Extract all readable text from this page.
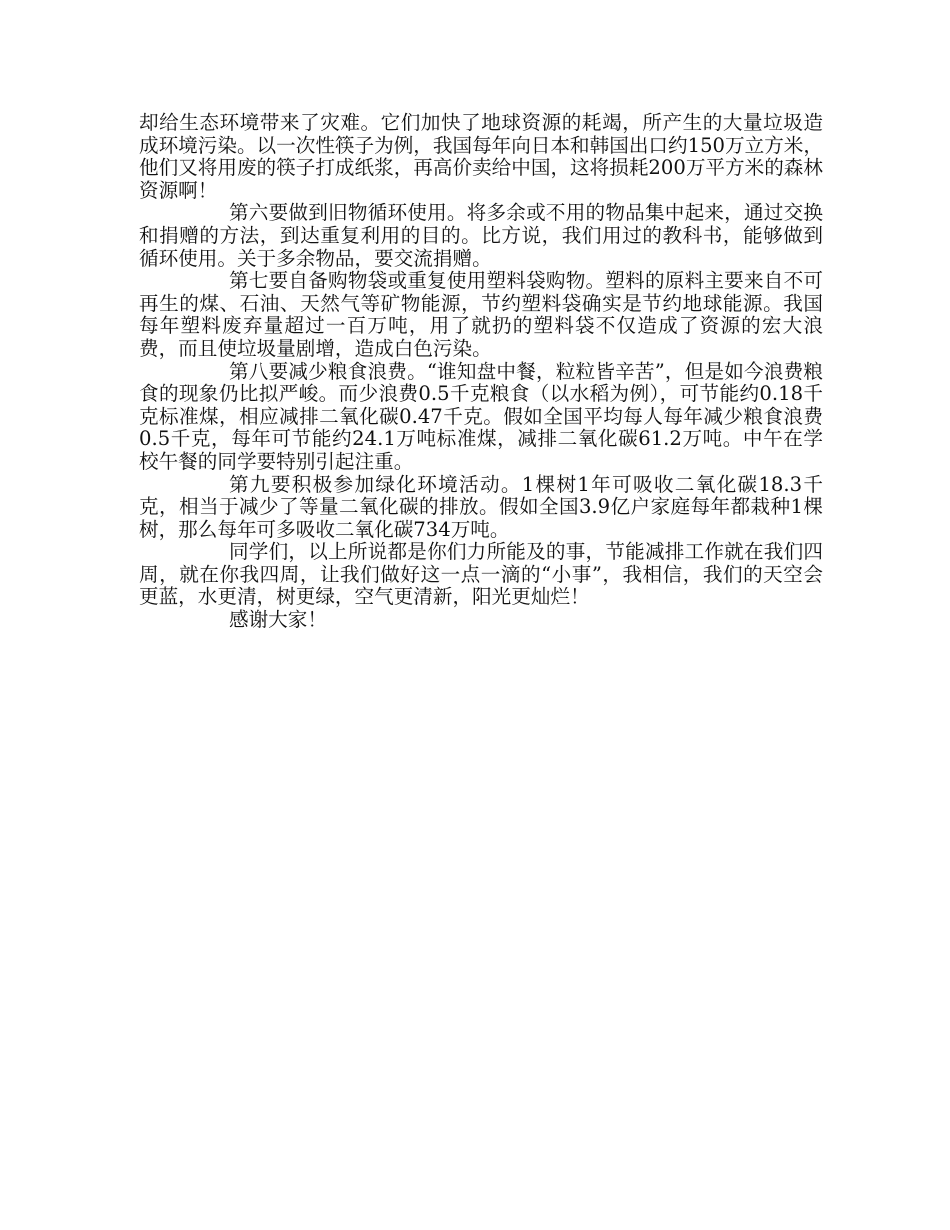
却给生态环境带来了灾难。它们加快了地球资源的耗竭，所产生的大量垃圾造成环境污染。以一次性筷子为例，我国每年向日本和韩国出口约150万立方米，他们又将用废的筷子打成纸浆，再高价卖给中国，这将损耗200万平方米的森林资源啊！

第六要做到旧物循环使用。将多余或不用的物品集中起来，通过交换和捐赠的方法，到达重复利用的目的。比方说，我们用过的教科书，能够做到循环使用。关于多余物品，要交流捐赠。

第七要自备购物袋或重复使用塑料袋购物。塑料的原料主要来自不可再生的煤、石油、天然气等矿物能源，节约塑料袋确实是节约地球能源。我国每年塑料废弃量超过一百万吨，用了就扔的塑料袋不仅造成了资源的宏大浪费，而且使垃圾量剧增，造成白色污染。

第八要减少粮食浪费。“谁知盘中餐，粒粒皆辛苦”，但是如今浪费粮食的现象仍比拟严峻。而少浪费0.5千克粮食（以水稻为例），可节能约0.18千克标准煤，相应减排二氧化碳0.47千克。假如全国平均每人每年减少粮食浪费0.5千克，每年可节能约24.1万吨标准煤，减排二氧化碳61.2万吨。中午在学校午餐的同学要特别引起注重。

第九要积极参加绿化环境活动。1棵树1年可吸收二氧化碳18.3千克，相当于减少了等量二氧化碳的排放。假如全国3.9亿户家庭每年都栽种1棵树，那么每年可多吸收二氧化碳734万吨。

同学们，以上所说都是你们力所能及的事，节能减排工作就在我们四周，就在你我四周，让我们做好这一点一滴的“小事”，我相信，我们的天空会更蓝，水更清，树更绿，空气更清新，阳光更灿烂！

感谢大家！
